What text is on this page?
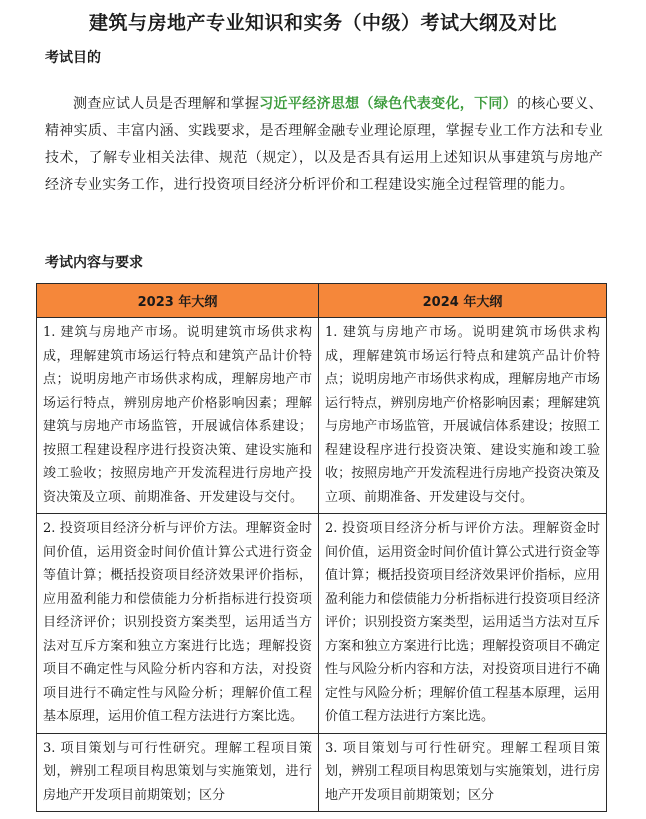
建筑与房地产专业知识和实务（中级）考试大纲及对比
考试目的
测查应试人员是否理解和掌握习近平经济思想（绿色代表变化，下同）的核心要义、精神实质、丰富内涵、实践要求，是否理解金融专业理论原理，掌握专业工作方法和专业技术，了解专业相关法律、规范（规定），以及是否具有运用上述知识从事建筑与房地产经济专业实务工作，进行投资项目经济分析评价和工程建设实施全过程管理的能力。
考试内容与要求
2023 年大纲	2024 年大纲
1. 建筑与房地产市场。说明建筑市场供求构成，理解建筑市场运行特点和建筑产品计价特点；说明房地产市场供求构成，理解房地产市场运行特点，辨别房地产价格影响因素；理解建筑与房地产市场监管，开展诚信体系建设；按照工程建设程序进行投资决策、建设实施和竣工验收；按照房地产开发流程进行房地产投资决策及立项、前期准备、开发建设与交付。	1. 建筑与房地产市场。说明建筑市场供求构成，理解建筑市场运行特点和建筑产品计价特点；说明房地产市场供求构成，理解房地产市场运行特点，辨别房地产价格影响因素；理解建筑与房地产市场监管，开展诚信体系建设；按照工程建设程序进行投资决策、建设实施和竣工验收；按照房地产开发流程进行房地产投资决策及立项、前期准备、开发建设与交付。
2. 投资项目经济分析与评价方法。理解资金时间价值，运用资金时间价值计算公式进行资金等值计算；概括投资项目经济效果评价指标，应用盈利能力和偿债能力分析指标进行投资项目经济评价；识别投资方案类型，运用适当方法对互斥方案和独立方案进行比选；理解投资项目不确定性与风险分析内容和方法，对投资项目进行不确定性与风险分析；理解价值工程基本原理，运用价值工程方法进行方案比选。	2. 投资项目经济分析与评价方法。理解资金时间价值，运用资金时间价值计算公式进行资金等值计算；概括投资项目经济效果评价指标，应用盈利能力和偿债能力分析指标进行投资项目经济评价；识别投资方案类型，运用适当方法对互斥方案和独立方案进行比选；理解投资项目不确定性与风险分析内容和方法，对投资项目进行不确定性与风险分析；理解价值工程基本原理，运用价值工程方法进行方案比选。
3. 项目策划与可行性研究。理解工程项目策划，辨别工程项目构思策划与实施策划，进行房地产开发项目前期策划；区分	3. 项目策划与可行性研究。理解工程项目策划，辨别工程项目构思策划与实施策划，进行房地产开发项目前期策划；区分
